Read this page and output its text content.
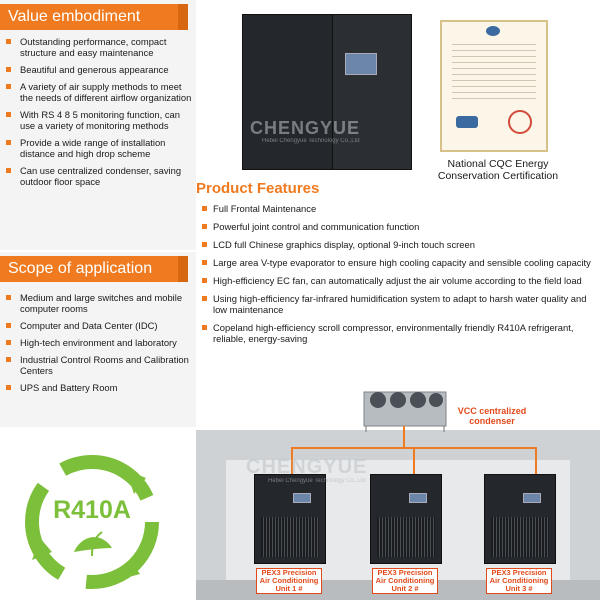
Value embodiment
Outstanding performance, compact structure and easy maintenance
Beautiful and generous appearance
A variety of air supply methods to meet the needs of different airflow organization
With RS 4 8 5 monitoring function, can use a variety of monitoring methods
Provide a wide range of installation distance and high drop scheme
Can use centralized condenser, saving outdoor floor space
Scope of application
Medium and large switches and mobile computer rooms
Computer and Data Center (IDC)
High-tech environment and laboratory
Industrial Control Rooms and Calibration Centers
UPS and Battery Room
R410A
CHENGYUE
Hebei Chengyue Technology Co.,Ltd
National CQC Energy
Conservation Certification
Product Features
Full Frontal Maintenance
Powerful joint control and communication function
LCD full Chinese graphics display, optional 9-inch touch screen
Large area V-type evaporator to ensure high cooling capacity and sensible cooling capacity
High-efficiency EC fan, can automatically adjust the air volume according to the field load
Using high-efficiency far-infrared humidification system to adapt to harsh water quality and low maintenance
Copeland high-efficiency scroll compressor, environmentally friendly R410A refrigerant, reliable, energy-saving
VCC centralized
condenser
PEX3 Precision
Air Conditioning
Unit 1 #
PEX3 Precision
Air Conditioning
Unit 2 #
PEX3 Precision
Air Conditioning
Unit 3 #
CHENGYUE
Hebei Chengyue Technology Co.,Ltd
